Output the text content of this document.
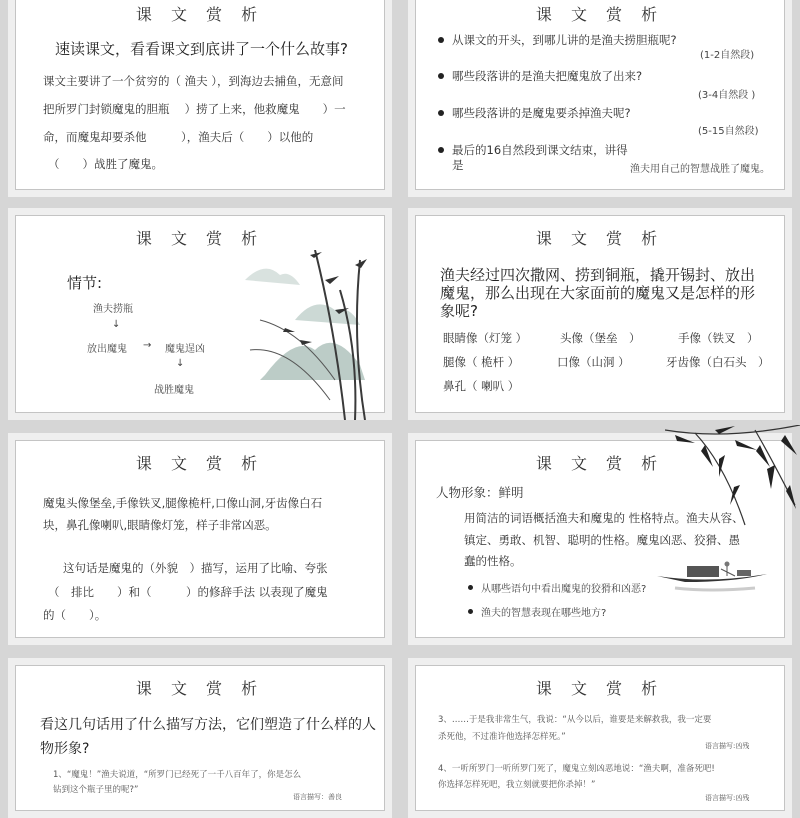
课 文 赏 析
速读课文，看看课文到底讲了一个什么故事?
课文主要讲了一个贫穷的（ 渔夫 ），到海边去捕鱼，无意间
把所罗门封锁魔鬼的胆瓶　 ）捞了上来，他救魔鬼　　）一
命，而魔鬼却要杀他　　　），渔夫后（　　）以他的
（　　）战胜了魔鬼。
课 文 赏 析
从课文的开头，到哪儿讲的是渔夫捞胆瓶呢?
(1-2自然段)
哪些段落讲的是渔夫把魔鬼放了出来?
(3-4自然段 )
哪些段落讲的是魔鬼要杀掉渔夫呢?
(5-15自然段)
最后的16自然段到课文结束，讲得
是	渔夫用自己的智慧战胜了魔鬼。
课 文 赏 析
情节:
渔夫捞瓶
↓
放出魔鬼 → 魔鬼逞凶
↓
战胜魔鬼
课 文 赏 析
渔夫经过四次撒网、捞到铜瓶，撬开锡封、放出
魔鬼，那么出现在大家面前的魔鬼又是怎样的形
象呢?
眼睛像（灯笼 ）	头像（堡垒　）	手像（铁叉　）
腿像（ 桅杆 ）	口像（山洞 ）	牙齿像（白石头　）
鼻孔（ 喇叭 ）
课 文 赏 析
魔鬼头像堡垒,手像铁叉,腿像桅杆,口像山洞,牙齿像白石
块，鼻孔像喇叭,眼睛像灯笼，样子非常凶恶。
这句话是魔鬼的（外貌　）描写，运用了比喻、夸张
（　排比　　）和（　　　）的修辞手法 以表现了魔鬼
的（　　）。
课 文 赏 析
人物形象：鲜明
用简洁的词语概括渔夫和魔鬼的 性格特点。渔夫从容、
镇定、勇敢、机智、聪明的性格。魔鬼凶恶、狡猾、愚
蠢的性格。
从哪些语句中看出魔鬼的狡猾和凶恶?
渔夫的智慧表现在哪些地方?
课 文 赏 析
看这几句话用了什么描写方法，它们塑造了什么样的人
物形象?
1、“魔鬼！”渔夫说道，“所罗门已经死了一千八百年了，你是怎么
钻到这个瓶子里的呢?”
语言描写：善良
课 文 赏 析
3、……于是我非常生气，我说：“从今以后，谁要是来解救我，我一定要
杀死他，不过准许他选择怎样死。”
语言描写:凶残
4、一听所罗门一听所罗门死了，魔鬼立刻凶恶地说：“渔夫啊，准备死吧!
你选择怎样死吧，我立刻就要把你杀掉！”
语言描写:凶残
